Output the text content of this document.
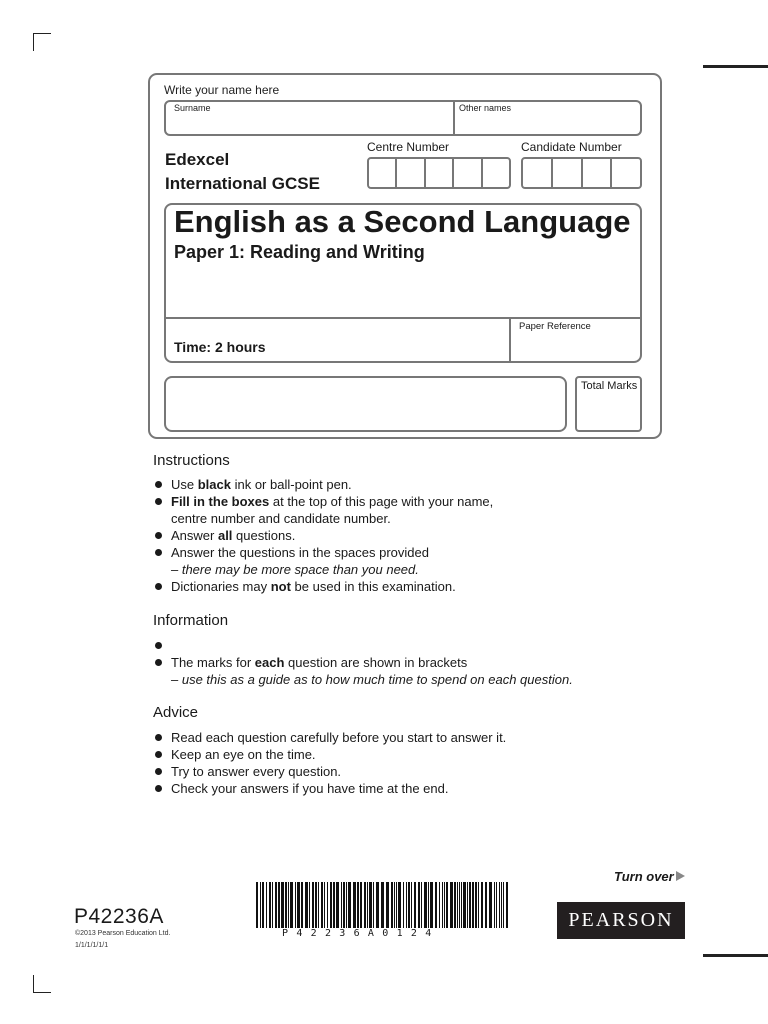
Write your name here
Surname	Other names
Edexcel
International GCSE
Centre Number	Candidate Number
English as a Second Language
Paper 1: Reading and Writing
Time: 2 hours
Paper Reference
Total Marks
Instructions
Use black ink or ball-point pen.
Fill in the boxes at the top of this page with your name,
centre number and candidate number.
Answer all questions.
Answer the questions in the spaces provided
– there may be more space than you need.
Dictionaries may not be used in this examination.
Information
The marks for each question are shown in brackets
– use this as a guide as to how much time to spend on each question.
Advice
Read each question carefully before you start to answer it.
Keep an eye on the time.
Try to answer every question.
Check your answers if you have time at the end.
Turn over
P42236A
©2013 Pearson Education Ltd.
1/1/1/1/1/1
P42236A0124
PEARSON
